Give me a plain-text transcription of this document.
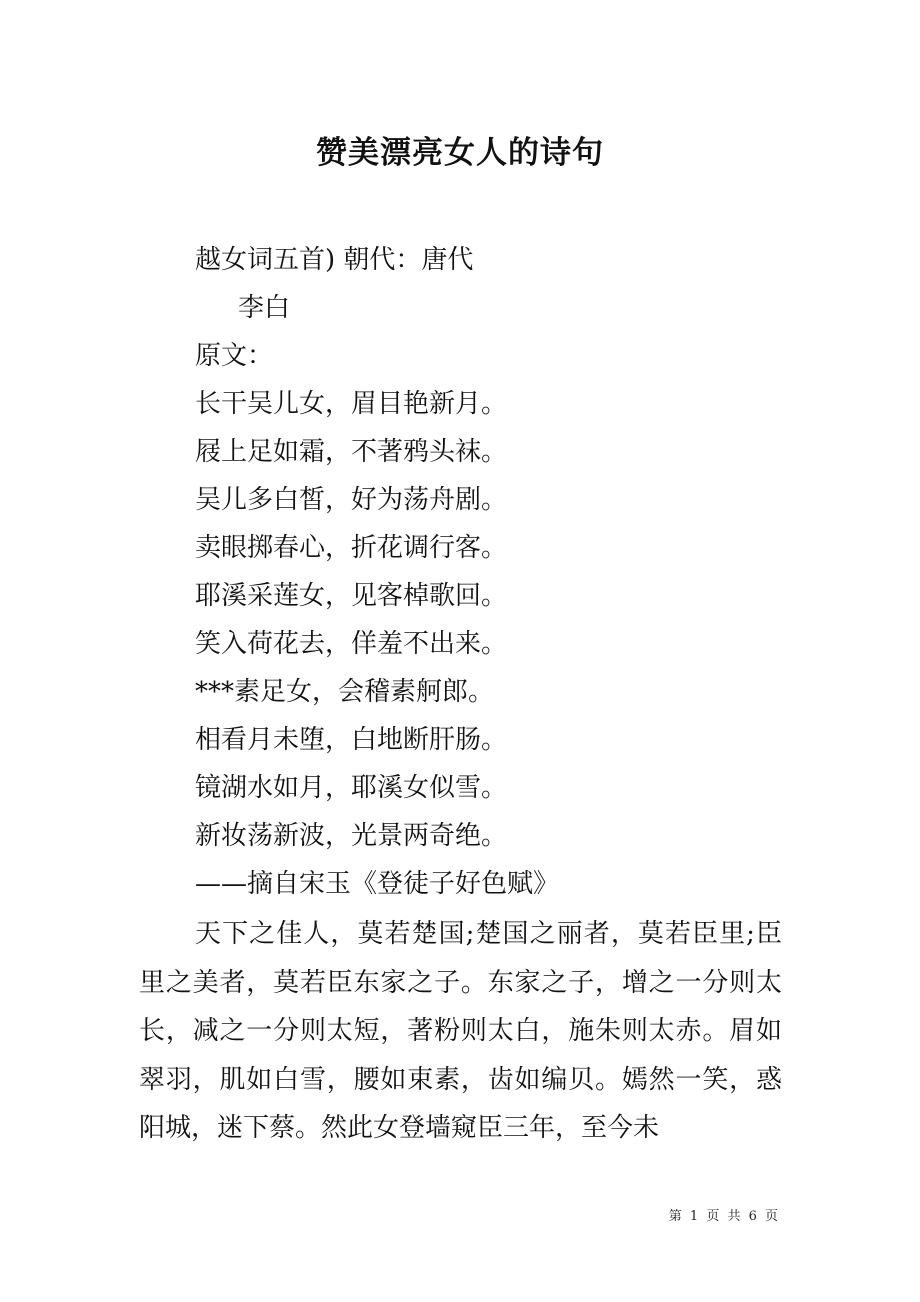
赞美漂亮女人的诗句
越女词五首) 朝代：唐代
李白
原文：
长干吴儿女，眉目艳新月。
屐上足如霜，不著鸦头袜。
吴儿多白皙，好为荡舟剧。
卖眼掷春心，折花调行客。
耶溪采莲女，见客棹歌回。
笑入荷花去，佯羞不出来。
***素足女，会稽素舸郎。
相看月未堕，白地断肝肠。
镜湖水如月，耶溪女似雪。
新妆荡新波，光景两奇绝。
——摘自宋玉《登徒子好色赋》
天下之佳人，莫若楚国;楚国之丽者，莫若臣里;臣里之美者，莫若臣东家之子。东家之子，增之一分则太长，减之一分则太短，著粉则太白，施朱则太赤。眉如翠羽，肌如白雪，腰如束素，齿如编贝。嫣然一笑，惑阳城，迷下蔡。然此女登墙窥臣三年，至今未
第 1 页 共 6 页
